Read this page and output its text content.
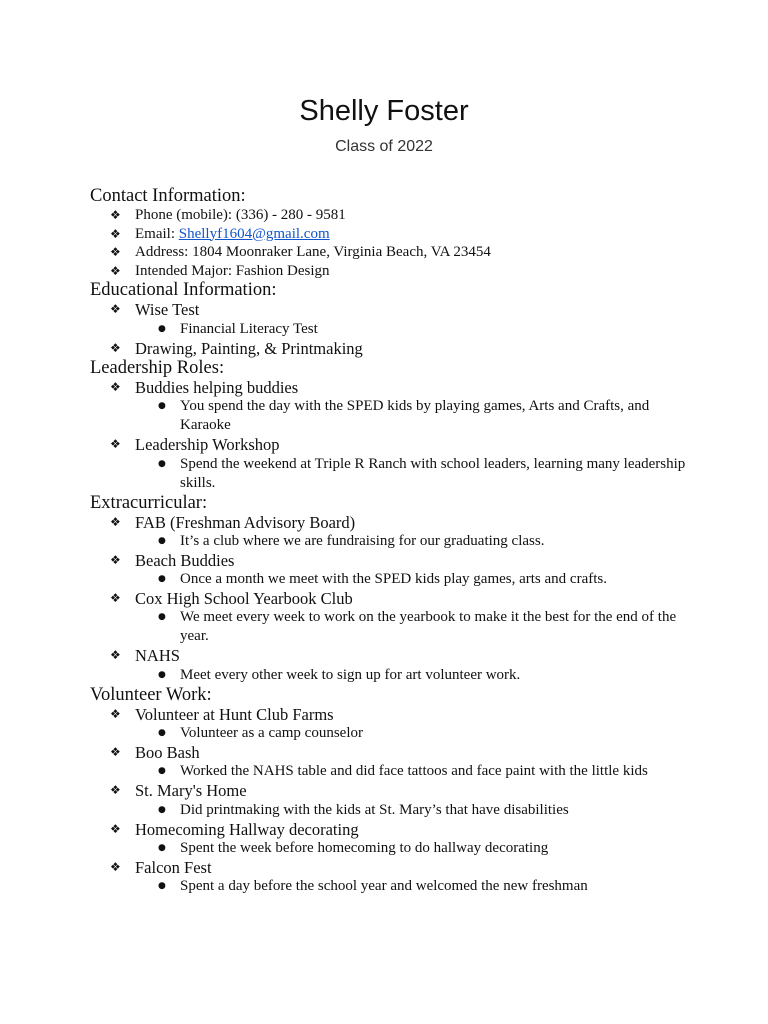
Shelly Foster
Class of 2022
Contact Information:
❖ Phone (mobile): (336) - 280 - 9581
❖ Email: Shellyf1604@gmail.com
❖ Address: 1804 Moonraker Lane, Virginia Beach, VA 23454
❖ Intended Major: Fashion Design
Educational Information:
❖ Wise Test
● Financial Literacy Test
❖ Drawing, Painting, & Printmaking
Leadership Roles:
❖ Buddies helping buddies
● You spend the day with the SPED kids by playing games, Arts and Crafts, and Karaoke
❖ Leadership Workshop
● Spend the weekend at Triple R Ranch with school leaders, learning many leadership skills.
Extracurricular:
❖ FAB (Freshman Advisory Board)
● It’s a club where we are fundraising for our graduating class.
❖ Beach Buddies
● Once a month we meet with the SPED kids play games, arts and crafts.
❖ Cox High School Yearbook Club
● We meet every week to work on the yearbook to make it the best for the end of the year.
❖ NAHS
● Meet every other week to sign up for art volunteer work.
Volunteer Work:
❖ Volunteer at Hunt Club Farms
● Volunteer as a camp counselor
❖ Boo Bash
● Worked the NAHS table and did face tattoos and face paint with the little kids
❖ St. Mary's Home
● Did printmaking with the kids at St. Mary’s that have disabilities
❖ Homecoming Hallway decorating
● Spent the week before homecoming to do hallway decorating
❖ Falcon Fest
● Spent a day before the school year and welcomed the new freshman
